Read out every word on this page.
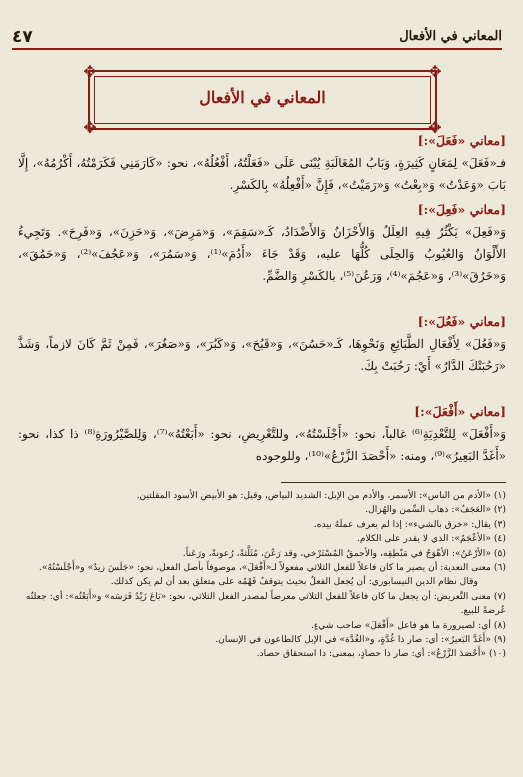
٤٧	المعاني في الأفعال
✥	✥
✥	✥
المعاني في الأفعال
[معاني «فَعَلَ»:]
فـ«فَعَلَ» لِمَعَانٍ كَثِيرَةٍ، وَبَابُ المُغَالَبَةِ يُبْنَى عَلَى «فَعَلْتُهُ، أَفْعُلُهُ»، نحو: «كَارَمَنِي فَكَرَمْتُهُ، أَكْرُمُهُ»، إِلَّا بَابَ «وَعَدْتُ» وَ«بِعْتُ» وَ«رَمَيْتُ»، فَإِنَّ «أَفْعِلُهُ» بِالكَسْرِ.
[معاني «فَعِلَ»:]
وَ«فَعِلَ» يَكْثُرُ فِيهِ العِلَلُ وَالأَحْزَانُ وَالأَضْدَادُ، كَـ«سَقِمَ»، وَ«مَرِضَ»، وَ«حَزِنَ»، وَ«فَرِحَ». وَتَجِيءُ الأَلْوَانُ وَالعُيُوبُ وَالحِلَى كُلُّهَا عليه، وَقَدْ جَاءَ «أَدُمَ»⁽¹⁾، وَ«سَمُرَ»، وَ«عَجُفَ»⁽²⁾، وَ«حَمُقَ»، وَ«خَرُقَ»⁽³⁾، وَ«عَجُمَ»⁽⁴⁾، وَرَعُنَ⁽⁵⁾، بالكَسْرِ وَالضَّمِّ.
[معاني «فَعُلَ»:]
وَ«فَعُلَ» لِأَفْعَالِ الطَّبَائِعِ وَنَحْوِهَا، كَـ«حَسُنَ»، وَ«قَبُحَ»، وَ«كَبُرَ»، وَ«صَغُرَ»، فَمِنْ ثَمَّ كَانَ لازماً، وَشَذَّ «رَحُبَتْكَ الدَّارُ» أَيْ: رَحُبَتْ بِكَ.
[معاني «أَفْعَلَ»:]
وَ«أَفْعَلَ» لِلتَّعْدِيَةِ⁽⁶⁾ غالباً، نحو: «أَجْلَسْتُهُ»، وللتَّعْرِيضِ، نحو: «أَبَعْتُهُ»⁽⁷⁾، وَلِلصَّيْرُورَةِ⁽⁸⁾ ذا كذا، نحو: «أَغَدَّ البَعِيرُ»⁽⁹⁾، ومنه: «أَحْصَدَ الزَّرْعُ»⁽¹⁰⁾، وللوجوده
(١) «الأدم من الناس»: الأسمر، والأدم من الإبل: الشديد البياض، وقيل: هو الأبيض الأسود المقلتين.
(٢) «العَجَفُ»: ذهاب السِّمن والهُزال.
(٣) يقال: «خرق بالشيء»: إذا لم يعرف عملَهُ بيده.
(٤) «الأعْجَمُ»: الذي لا يقدر على الكلام.
(٥) «الأرْعَنُ»: الأهْوَجُ في مَنْطِقِه، والأحمقُ المُسْتَرْخي، وقد رَعُنَ، مُثَلَّثةً، رُعونةً، ورَعَناً.
(٦) معنى التعدية: أن يصير ما كان فاعلاً للفعل الثلاثي مفعولاً لـ«أَفْعَلَ»، موصوفاً بأصل الفعل، نحو: «جَلَسَ زيدٌ» و«أَجْلَسْتُهُ».
وقال نظام الدين النيسابوري: أن يُجعل الفعلُ بحيث يتوقفُ فَهْمُه على متعلق بعد أن لم يكن كذلك.
(٧) معنى التَّعريض: أن يجعل ما كان فاعلاً للفعل الثلاثي معرضاً لمصدر الفعل الثلاثي، نحو: «بَاعَ زَيْدٌ فَرَسَه» و«أَبَعْتُه»: أي: جعلتُه عُرضةً للبيع.
(٨) أي: لصيرورة ما هو فاعل «أَفْعَلَ» صاحب شيءٍ.
(٩) «أَغَدَّ البَعيرُ»: أي: صار ذا غُدَّةٍ، و«الغُدَّة» في الإبل كالطاعون في الإنسان.
(١٠) «أَحْصَدَ الزَّرْعُ»: أي: صار ذا حصادٍ، بمعنى: ذا استحقاق حصاد.
